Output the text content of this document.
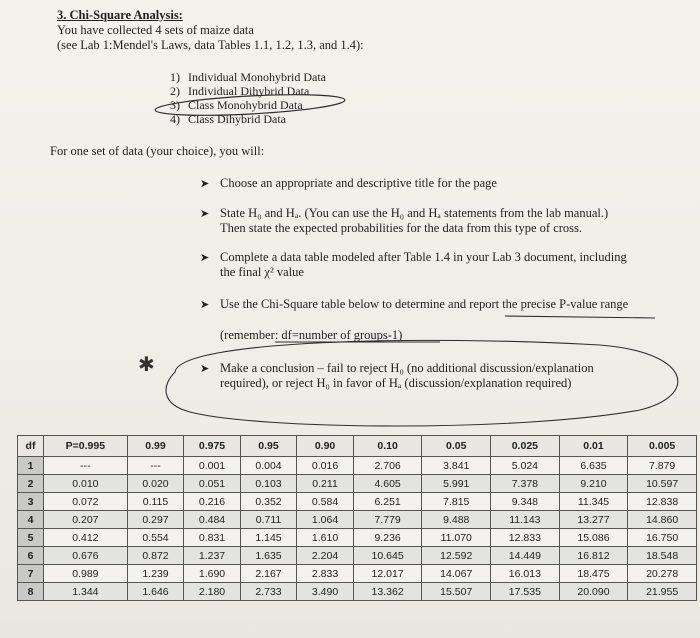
3. Chi-Square Analysis:
You have collected 4 sets of maize data
(see Lab 1:Mendel's Laws, data Tables 1.1, 1.2, 1.3, and 1.4):
1) Individual Monohybrid Data
2) Individual Dihybrid Data
3) Class Monohybrid Data
4) Class Dihybrid Data
For one set of data (your choice), you will:
➤ Choose an appropriate and descriptive title for the page
➤ State H₀ and Hₐ. (You can use the H₀ and Hₐ statements from the lab manual.)
Then state the expected probabilities for the data from this type of cross.
➤ Complete a data table modeled after Table 1.4 in your Lab 3 document, including
the final χ² value
➤ Use the Chi-Square table below to determine and report the precise P-value range
(remember: df=number of groups-1)
➤ Make a conclusion – fail to reject H₀ (no additional discussion/explanation
required), or reject H₀ in favor of Hₐ (discussion/explanation required)
✱
df	P=0.995	0.99	0.975	0.95	0.90	0.10	0.05	0.025	0.01	0.005
1	---	---	0.001	0.004	0.016	2.706	3.841	5.024	6.635	7.879
2	0.010	0.020	0.051	0.103	0.211	4.605	5.991	7.378	9.210	10.597
3	0.072	0.115	0.216	0.352	0.584	6.251	7.815	9.348	11.345	12.838
4	0.207	0.297	0.484	0.711	1.064	7.779	9.488	11.143	13.277	14.860
5	0.412	0.554	0.831	1.145	1.610	9.236	11.070	12.833	15.086	16.750
6	0.676	0.872	1.237	1.635	2.204	10.645	12.592	14.449	16.812	18.548
7	0.989	1.239	1.690	2.167	2.833	12.017	14.067	16.013	18.475	20.278
8	1.344	1.646	2.180	2.733	3.490	13.362	15.507	17.535	20.090	21.955
